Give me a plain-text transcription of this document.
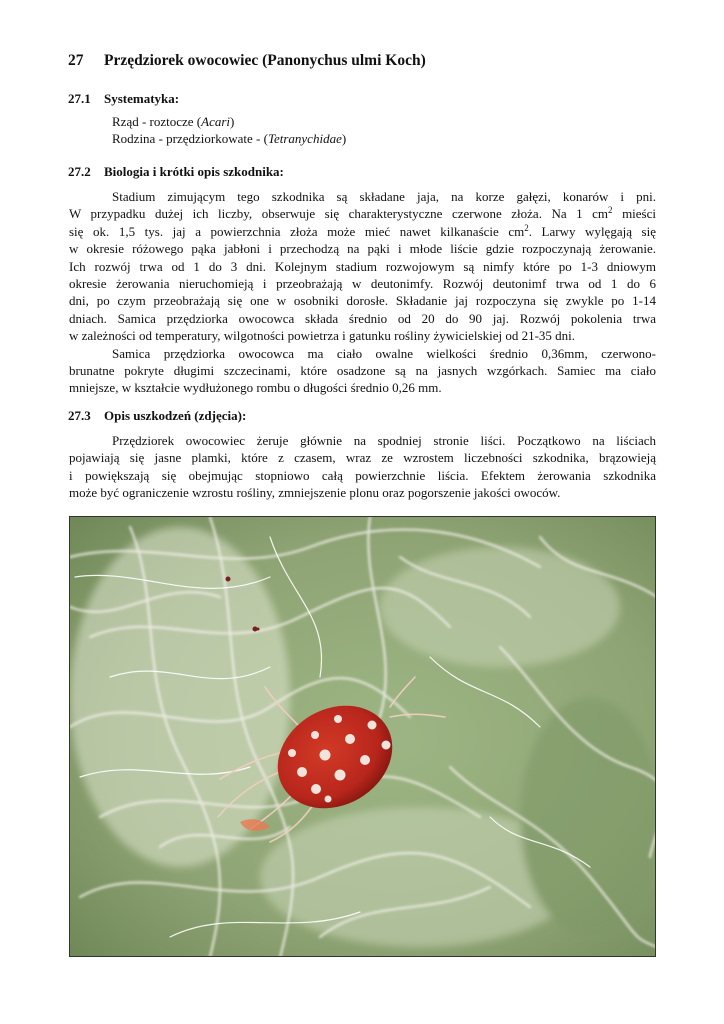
27 Przędziorek owocowiec (Panonychus ulmi Koch)
27.1 Systematyka:
Rząd - roztocze (Acari)
Rodzina - przędziorkowate - (Tetranychidae)
27.2 Biologia i krótki opis szkodnika:
Stadium zimującym tego szkodnika są składane jaja, na korze gałęzi, konarów i pni.
W przypadku dużej ich liczby, obserwuje się charakterystyczne czerwone złoża. Na 1 $cm^2$ mieści
się ok. 1,5 tys. jaj a powierzchnia złoża może mieć nawet kilkanaście $cm^2$. Larwy wylęgają się
w okresie różowego pąka jabłoni i przechodzą na pąki i młode liście gdzie rozpoczynają żerowanie.
Ich rozwój trwa od 1 do 3 dni. Kolejnym stadium rozwojowym są nimfy które po 1-3 dniowym
okresie żerowania nieruchomieją i przeobrażają w deutonimfy. Rozwój deutonimf trwa od 1 do 6
dni, po czym przeobrażają się one w osobniki dorosłe. Składanie jaj rozpoczyna się zwykle po 1-14
dniach. Samica przędziorka owocowca składa średnio od 20 do 90 jaj. Rozwój pokolenia trwa
w zależności od temperatury, wilgotności powietrza i gatunku rośliny żywicielskiej od 21-35 dni.
Samica przędziorka owocowca ma ciało owalne wielkości średnio 0,36mm, czerwono-
brunatne pokryte długimi szczecinami, które osadzone są na jasnych wzgórkach. Samiec ma ciało
mniejsze, w kształcie wydłużonego rombu o długości średnio 0,26 mm.
27.3 Opis uszkodzeń (zdjęcia):
Przędziorek owocowiec żeruje głównie na spodniej stronie liści. Początkowo na liściach
pojawiają się jasne plamki, które z czasem, wraz ze wzrostem liczebności szkodnika, brązowieją
i powiększają się obejmując stopniowo całą powierzchnie liścia. Efektem żerowania szkodnika
może być ograniczenie wzrostu rośliny, zmniejszenie plonu oraz pogorszenie jakości owoców.
